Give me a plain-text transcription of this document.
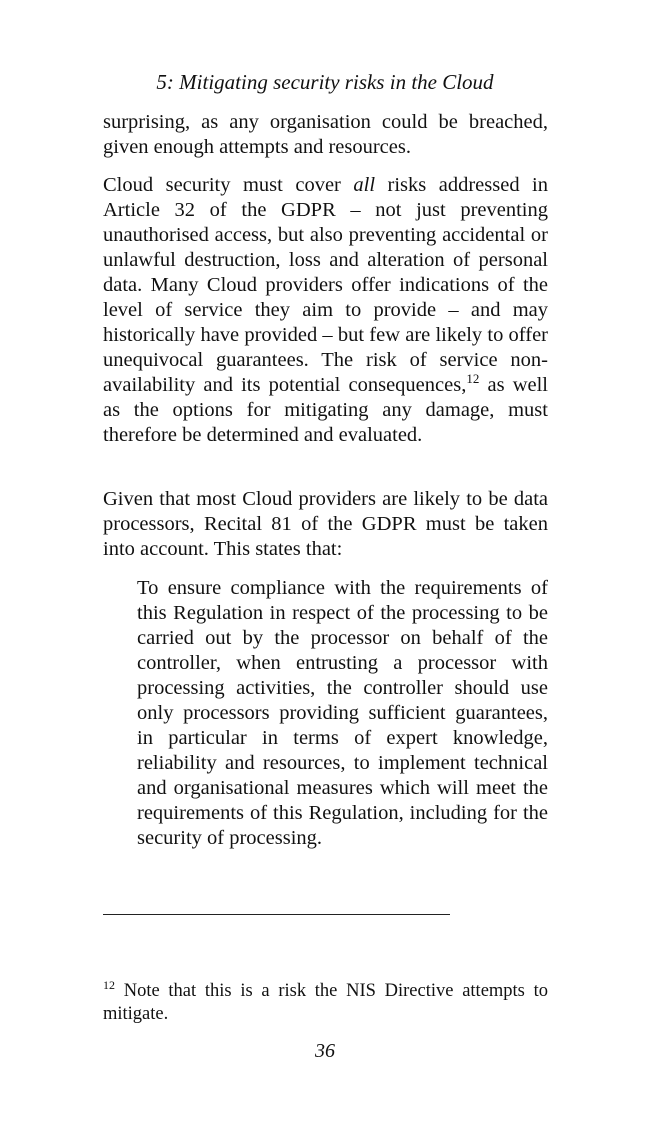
5: Mitigating security risks in the Cloud

surprising, as any organisation could be breached, given enough attempts and resources.

Cloud security must cover all risks addressed in Article 32 of the GDPR – not just preventing unauthorised access, but also preventing accidental or unlawful destruction, loss and alteration of personal data. Many Cloud providers offer indications of the level of service they aim to provide – and may historically have provided – but few are likely to offer unequivocal guarantees. The risk of service non-availability and its potential consequences,$^{12}$ as well as the options for mitigating any damage, must therefore be determined and evaluated.

Given that most Cloud providers are likely to be data processors, Recital 81 of the GDPR must be taken into account. This states that:

To ensure compliance with the requirements of this Regulation in respect of the processing to be carried out by the processor on behalf of the controller, when entrusting a processor with processing activities, the controller should use only processors providing sufficient guarantees, in particular in terms of expert knowledge, reliability and resources, to implement technical and organisational measures which will meet the requirements of this Regulation, including for the security of processing.

$^{12}$ Note that this is a risk the NIS Directive attempts to mitigate.
36
